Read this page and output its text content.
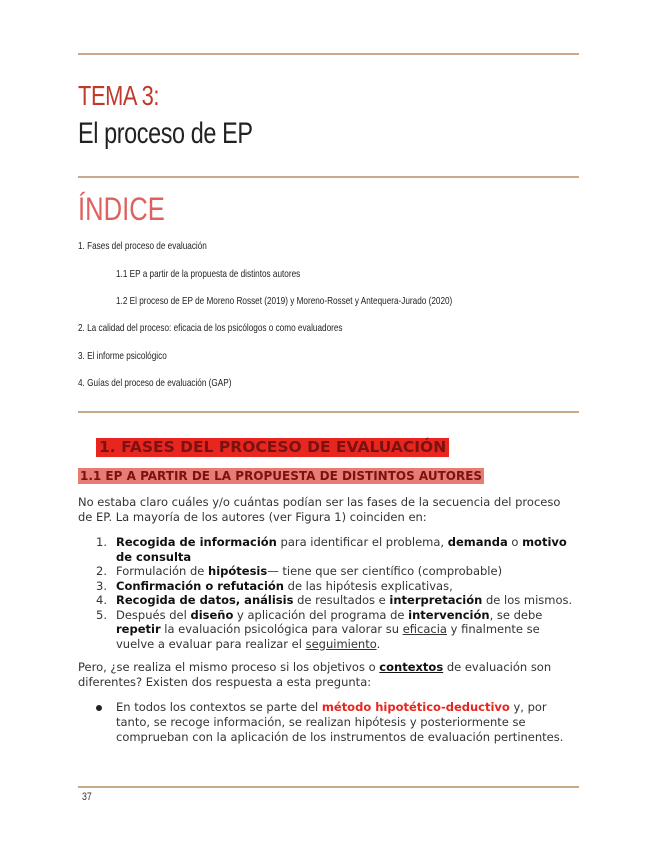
TEMA 3:
El proceso de EP
ÍNDICE
1. Fases del proceso de evaluación
1.1 EP a partir de la propuesta de distintos autores
1.2 El proceso de EP de Moreno Rosset (2019) y Moreno-Rosset y Antequera-Jurado (2020)
2. La calidad del proceso: eficacia de los psicólogos o como evaluadores
3. El informe psicológico
4. Guías del proceso de evaluación (GAP)
1. FASES DEL PROCESO DE EVALUACIÓN
1.1 EP A PARTIR DE LA PROPUESTA DE DISTINTOS AUTORES
No estaba claro cuáles y/o cuántas podían ser las fases de la secuencia del proceso de EP. La mayoría de los autores (ver Figura 1) coinciden en:
1. Recogida de información para identificar el problema, demanda o motivo de consulta
2. Formulación de hipótesis— tiene que ser científico (comprobable)
3. Confirmación o refutación de las hipótesis explicativas,
4. Recogida de datos, análisis de resultados e interpretación de los mismos.
5. Después del diseño y aplicación del programa de intervención, se debe repetir la evaluación psicológica para valorar su eficacia y finalmente se vuelve a evaluar para realizar el seguimiento.
Pero, ¿se realiza el mismo proceso si los objetivos o contextos de evaluación son diferentes? Existen dos respuesta a esta pregunta:
En todos los contextos se parte del método hipotético-deductivo y, por tanto, se recoge información, se realizan hipótesis y posteriormente se comprueban con la aplicación de los instrumentos de evaluación pertinentes.
37
